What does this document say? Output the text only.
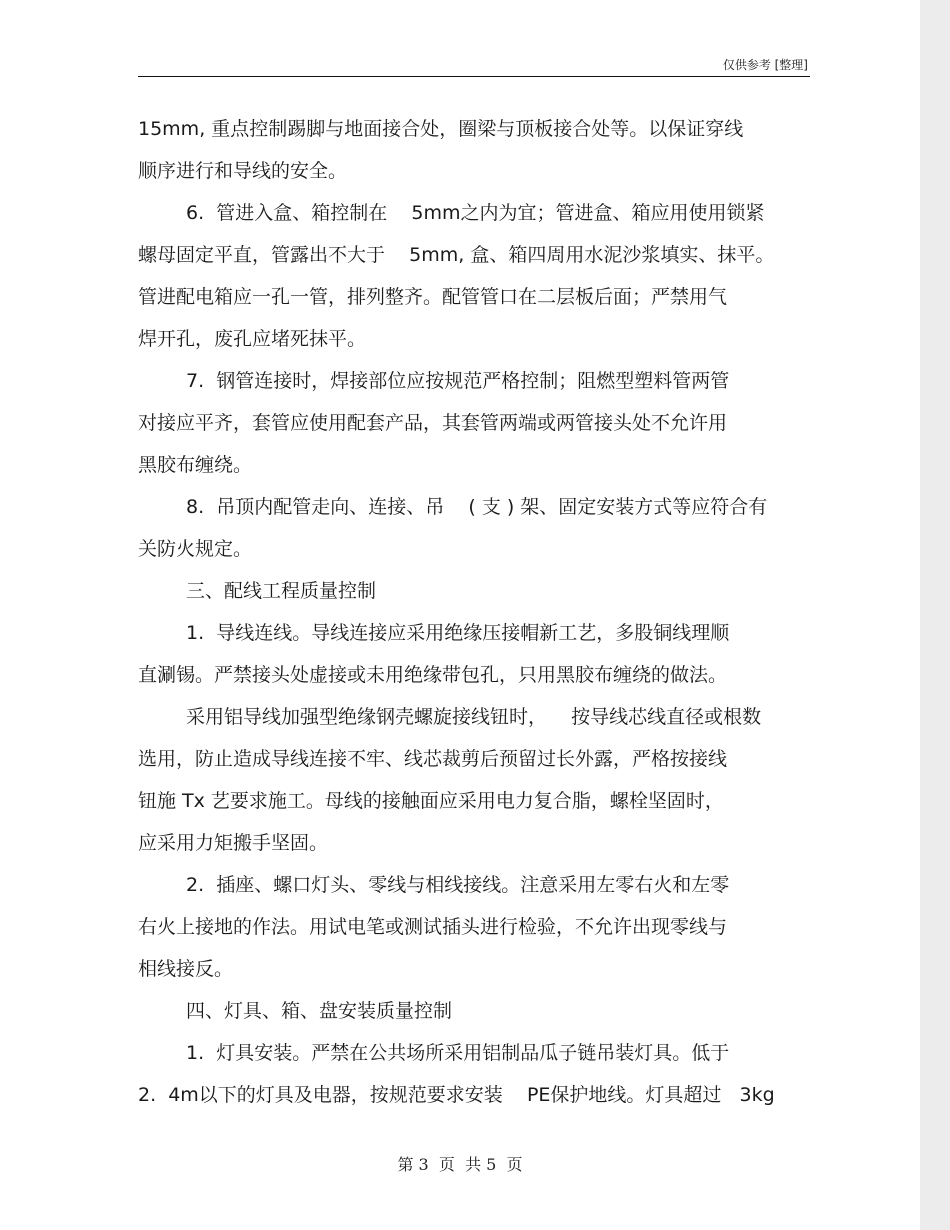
仅供参考 [整理]
15mm, 重点控制踢脚与地面接合处，圈梁与顶板接合处等。以保证穿线
顺序进行和导线的安全。
6.  管进入盒、箱控制在    5mm之内为宜；管进盒、箱应用使用锁紧
螺母固定平直，管露出不大于    5mm, 盒、箱四周用水泥沙浆填实、抹平。
管进配电箱应一孔一管，排列整齐。配管管口在二层板后面；严禁用气
焊开孔，废孔应堵死抹平。
7.  钢管连接时，焊接部位应按规范严格控制；阻燃型塑料管两管
对接应平齐，套管应使用配套产品，其套管两端或两管接头处不允许用
黑胶布缠绕。
8.  吊顶内配管走向、连接、吊    ( 支 ) 架、固定安装方式等应符合有
关防火规定。
三、配线工程质量控制
1.  导线连线。导线连接应采用绝缘压接帽新工艺，多股铜线理顺
直涮锡。严禁接头处虚接或未用绝缘带包孔，只用黑胶布缠绕的做法。
采用铝导线加强型绝缘钢壳螺旋接线钮时，    按导线芯线直径或根数
选用，防止造成导线连接不牢、线芯裁剪后预留过长外露，严格按接线
钮施 Tx 艺要求施工。母线的接触面应采用电力复合脂，螺栓坚固时，
应采用力矩搬手坚固。
2.  插座、螺口灯头、零线与相线接线。注意采用左零右火和左零
右火上接地的作法。用试电笔或测试插头进行检验，不允许出现零线与
相线接反。
四、灯具、箱、盘安装质量控制
1.  灯具安装。严禁在公共场所采用铝制品瓜子链吊装灯具。低于
2.  4m以下的灯具及电器，按规范要求安装    PE保护地线。灯具超过   3kg
第 3  页  共 5  页
